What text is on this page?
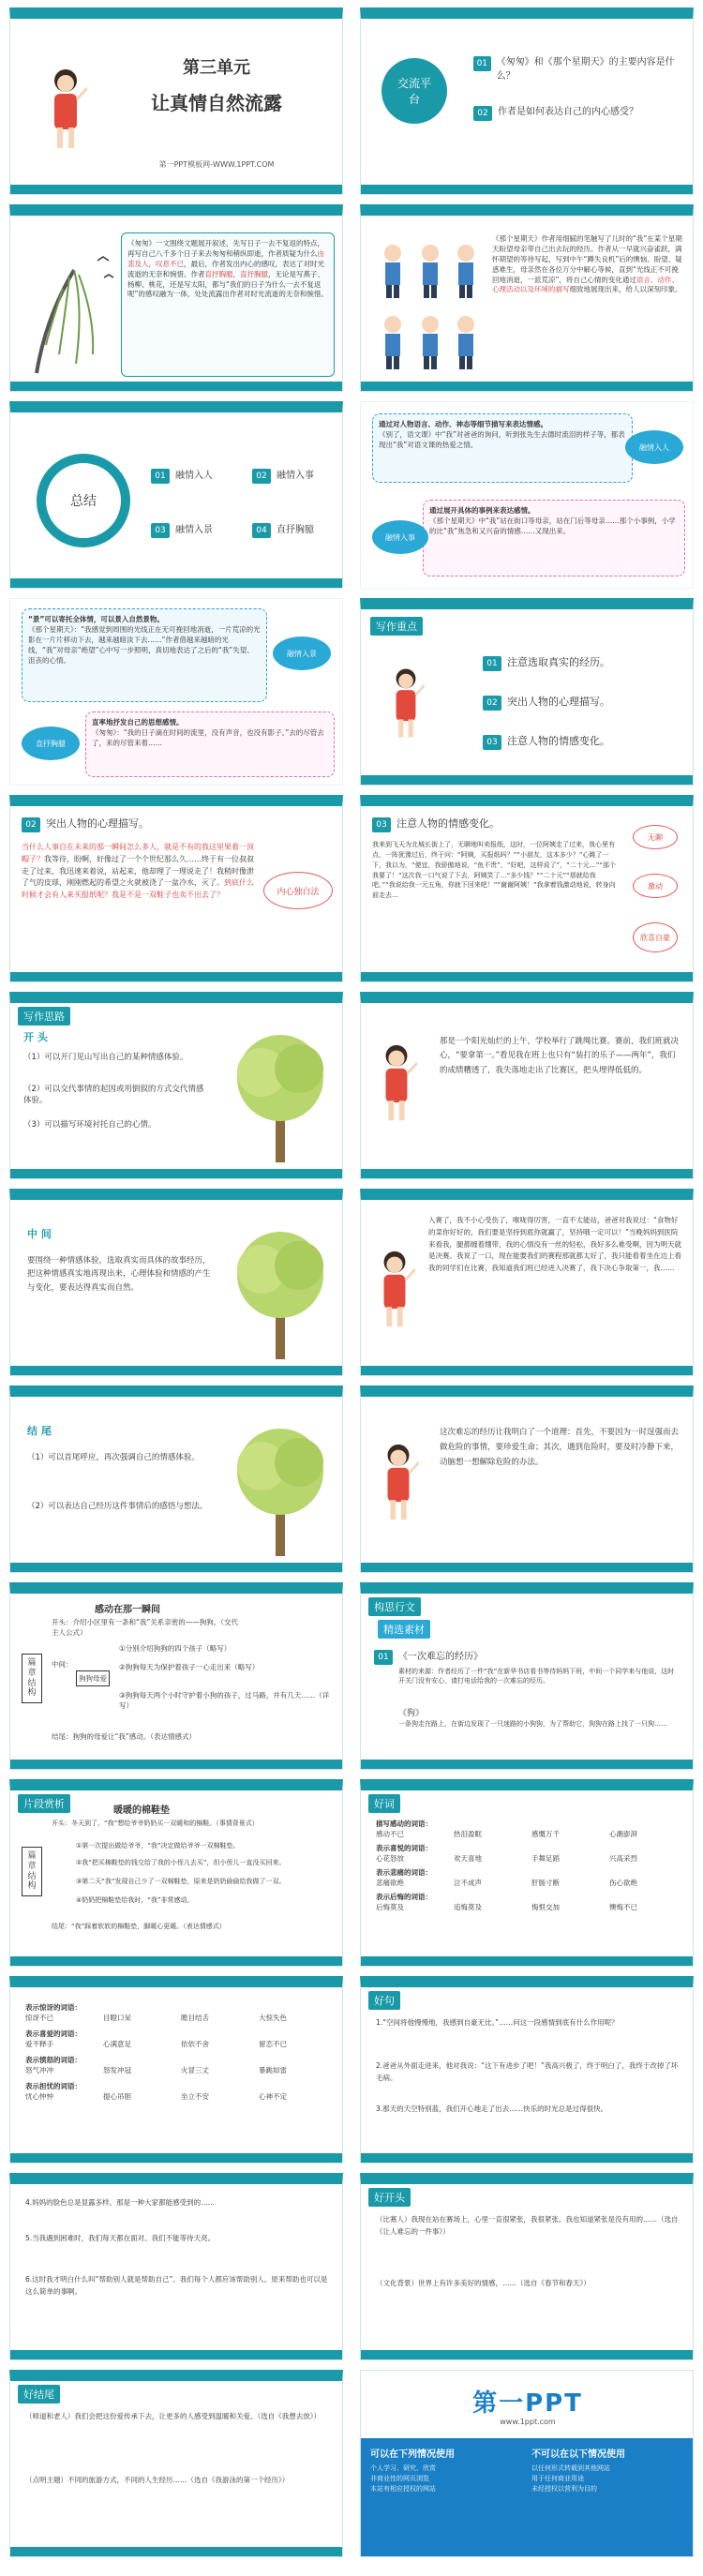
第三单元
让真情自然流露
第一PPT模板网-WWW.1PPT.COM
交流平台
01 《匆匆》和《那个星期天》的主要内容是什么？
02	作者是如何表达自己的内心感受？
《匆匆》一文围绕文题展开叙述，先写日子一去不复返的特点，再写自己八千多个日子来去匆匆和稍纵即逝，作者质疑为什么由悲及人，叹息不已，最后，作者发出内心的感叹，表达了对时光流逝的无奈和惋惜。作者直抒胸臆，直抒胸臆，无论是写燕子、杨柳、桃花，还是写太阳，都与“我们的日子为什么一去不复返呢”的感叹融为一体，处处流露出作者对时光流逝的无奈和惋惜。
《那个星期天》作者用细腻的笔触写了儿时的“我”在某个星期天盼望母亲带自己出去玩的经历。作者从一早就兴奋雀跃，满怀期望的等待写起，写到中午“蹲失良机”后的懊恼、盼望、疑惑难生，母亲然在各位万分中解心等候，直到“光线正不可挽回地消逝，一派荒凉”，将自己心情的变化通过语言、动作、心理活动以及环境的描写细致地展现出来，给人以深刻印象。
总结
01 融情入人	02 融情入事
03 融情入景	04 直抒胸臆
通过对人物语言、动作、神态等细节描写来表达情感。
《别了，语文课》中“我”对爸爸的询问，听到张先生去德时流泪的样子等，都表现出“我”对语文课的热爱之情。	融情入人
通过展开具体的事例来表达感情。
《那个星期天》中“我”站在街口等母亲，站在门后等母亲……那个小事例，小学的比“我”焦急和又兴奋的情感……又现出来。
融情入事
“景”可以寄托全体情，可以景入自然景物。
《那个星期天》：“我感觉到周围的光线正在无可挽回地消逝，一片荒凉的光影在一片片移动下去，越来越暗淡下去……”作者借越来越暗的光线，“我”对母亲“绝望”心中写一步照明，真切地表达了之后的“我”失望、沮丧的心情。
融情入景
直率地抒发自己的思想感情。
《匆匆》：“我的日子滴在时间的流里，没有声音，也没有影子。”去的尽管去了，来的尽管来着……
直抒胸臆
写作重点
01 注意选取真实的经历。
02 突出人物的心理描写。
03 注意人物的情感变化。
02 突出人物的心理描写。
当什么人事自在未来的那一瞬间怎么多人，就是不有的我这里果着一顶帽子？我等待，盼啊，好像过了一个个世纪那么久……终于有一位叔叔走了过来，我迅速来着说，站起来，他却理了一理说走了！我稍时像泄了气的皮球，刚刚燃起的希望之火就被浇了一盆冷水，灭了。到底什么时候才会有人来买报纸呢？我是不是一双鞋子也卖不出去了？	内心独白法
03 注意人物的情感变化。
我来到飞天为北城长街上了，无聊地叫卖报纸，这时，一位阿姨走了过来，我心里有点，一阵犹豫过后，终于问：“阿姨，买报纸吗？”“小朋友，这本多少？”心跳了一下，我以为，“便宜，我骄傲地说，“鱼不贵”，“好吧，这样说了”，“二十元…”“那个我要了！”这次我一口气说了下去，阿姨笑了…“多少钱？”“二十元”“那就给我吧。”“我说给我一元五角，你就下回来吧！”“谢谢阿姨！”我拿着钱激动地说，转身向前走去…
无聊
激动
欣喜自豪
写作思路
开 头
（1）可以开门见山写出自己的某种情感体验。
（2）可以交代事情的起因或用倒叙的方式交代情感体验。
（3）可以描写环境衬托自己的心情。
那是一个阳光灿烂的上午，学校举行了跳绳比赛。赛前，我们班就决心，“要拿第一。”看见我在班上也只有“装打的乐子——两年”，我们的成绩糟透了，我失落地走出了比赛区，把头埋得低低的。
中 间
要围绕一种情感体验，选取真实而具体的故事经历，把这种情感真实地再现出来，心理体验和情感的产生与变化，要表达得真实而自然。
入赛了，我不小心受伤了，喉咙得厉害，一直不太能站，爸爸对我说过：“食物好的菜你好好的，我们要是坚持到底你就赢了，坚持哦一定可以！”当晚妈妈到医院来看我，腿都缠着绷带，我的心情没有一丝的轻松，我好多么难受啊，因为明天就是决赛。我说了一口，现在能要我们的赛程那就都太好了，我只能看着坐在边上看我的同学们在比赛，我知道我们班已经进入决赛了，我下决心争取第一，我……
结 尾
（1）可以首尾呼应，再次强调自己的情感体验。
（2）可以表达自己经历这件事情后的感悟与想法。
这次难忘的经历让我明白了一个道理：首先，不要因为一时逞强而去做危险的事情，要珍爱生命；其次，遇到危险时，要及时冷静下来，动脑想一想解除危险的办法。
感动在那一瞬间
篇章结构
开头：介绍小区里有一条和“我”关系亲密的——狗狗。（交代主人公式）
中间：
狗狗母爱
①分别介绍狗狗的四个孩子（略写）
②狗狗每天为保护着孩子一心走出来（略写）
③狗狗每天两个小时守护着小狗的孩子，过马路，并有几天……（详写）
结尾：狗狗的母爱让“我”感动。（表达情感式）
构思行文
精选素材
01 《一次难忘的经历》
素材的来源：作者经历了一件“我”在新华书店看书等待妈妈下班，中间一个同学来与他说，这时开关门没有安心，请打电话给我的一次难忘的经历。
《狗》
一条狗走在路上，在街边发现了一只迷路的小狗狗，为了帮助它，狗狗在路上找了一只狗……
片段赏析
暖暖的棉鞋垫
篇章结构
开头：冬天到了，“我”想给爷爷奶奶买一双暖和的棉鞋。（事情背景式）
①第一次提出做给爷爷，“我”决定做给爷爷一双棉鞋垫。
②我“把买棉鞋垫的钱交给了我的小侄儿去买”，但小侄儿一直没买回来。
③第二天“我”发现自己少了一双棉鞋垫，原来是奶奶偷偷给我做了一双。
④奶奶把棉鞋垫给我时，“我”非常感动。
结尾：“我”踩着软软的棉鞋垫，脚暖心更暖。（表达情感式）
好词
描写感动的词语：
感动不已	热泪盈眶	感慨万千	心潮澎湃
表示喜悦的词语：
心花怒放	欢天喜地	手舞足蹈	兴高采烈
表示悲痛的词语：
悲痛欲绝	泣不成声	肝肠寸断	伤心欲绝
表示后悔的词语：
后悔莫及	追悔莫及	悔恨交加	懊悔不已
表示惊讶的词语：
惊讶不已	目瞪口呆	瞠目结舌	大惊失色
表示喜爱的词语：
爱不释手	心满意足	依依不舍	留恋不已
表示愤怒的词语：
怒气冲冲	怒发冲冠	火冒三丈	暴跳如雷
表示担忧的词语：
忧心忡忡	提心吊胆	坐立不安	心神不定
好句
1.“空间将他慢慢地，我感到自豪无比。”……问这一段感情到底有什么作用呢？
2.爸爸从外面走进来，他对我说：“这下有进步了吧！”我高兴极了，终于明白了，我终于改掉了坏毛病。
3.那天的天空特别蓝，我们开心地走了出去……快乐的时光总是过得很快。
4.妈妈的脸色总是显露多样，那是一种大家都能感受到的……
5.当我遇到困难时，我们每天都在面对。我们不能等待天亮。
6.这时我才明白什么叫“帮助别人就是帮助自己”。我们每个人都应该帮助别人。原来帮助也可以是这么简单的事啊。
好开头
（比赛人）我现在站在赛场上，心里一直很紧张，我很紧张。我也知道紧张是没有用的……（选自《让人难忘的一件事》）
（文化背景）世界上有许多美好的情感，……（选自《春节和春天》）
好结尾
（师道和老人）我们会把这份爱传承下去，让更多的人感受到温暖和关爱。（选自《我想去放》）
（点明主题）不同的旅游方式，不同的人生经历……（选自《我游泳的第一个经历》）
第一PPT
www.1ppt.com
可以在下列情况使用
个人学习、研究、欣赏
非商业性的网页浏览
本站有相应授权的网站
不可以在以下情况使用
以任何形式转载到其他网站
用于任何商业用途
未经授权以营利为目的
